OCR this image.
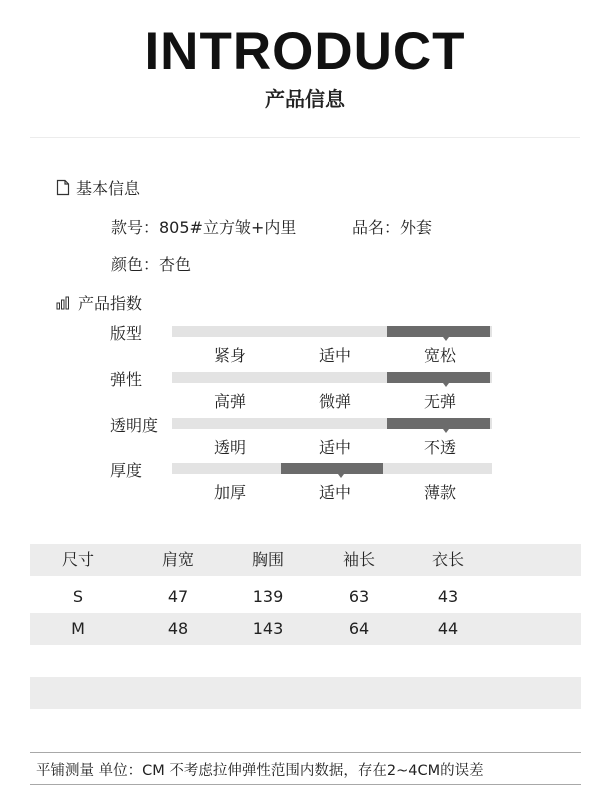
INTRODUCT
产品信息
基本信息
款号：805#立方皱+内里	品名：外套
颜色：杏色
产品指数
版型
紧身	适中	宽松
弹性
高弹	微弹	无弹
透明度
透明	适中	不透
厚度
加厚	适中	薄款
尺寸	肩宽	胸围	袖长	衣长
S	47	139	63	43
M	48	143	64	44
平铺测量 单位：CM 不考虑拉伸弹性范围内数据，存在2~4CM的误差
